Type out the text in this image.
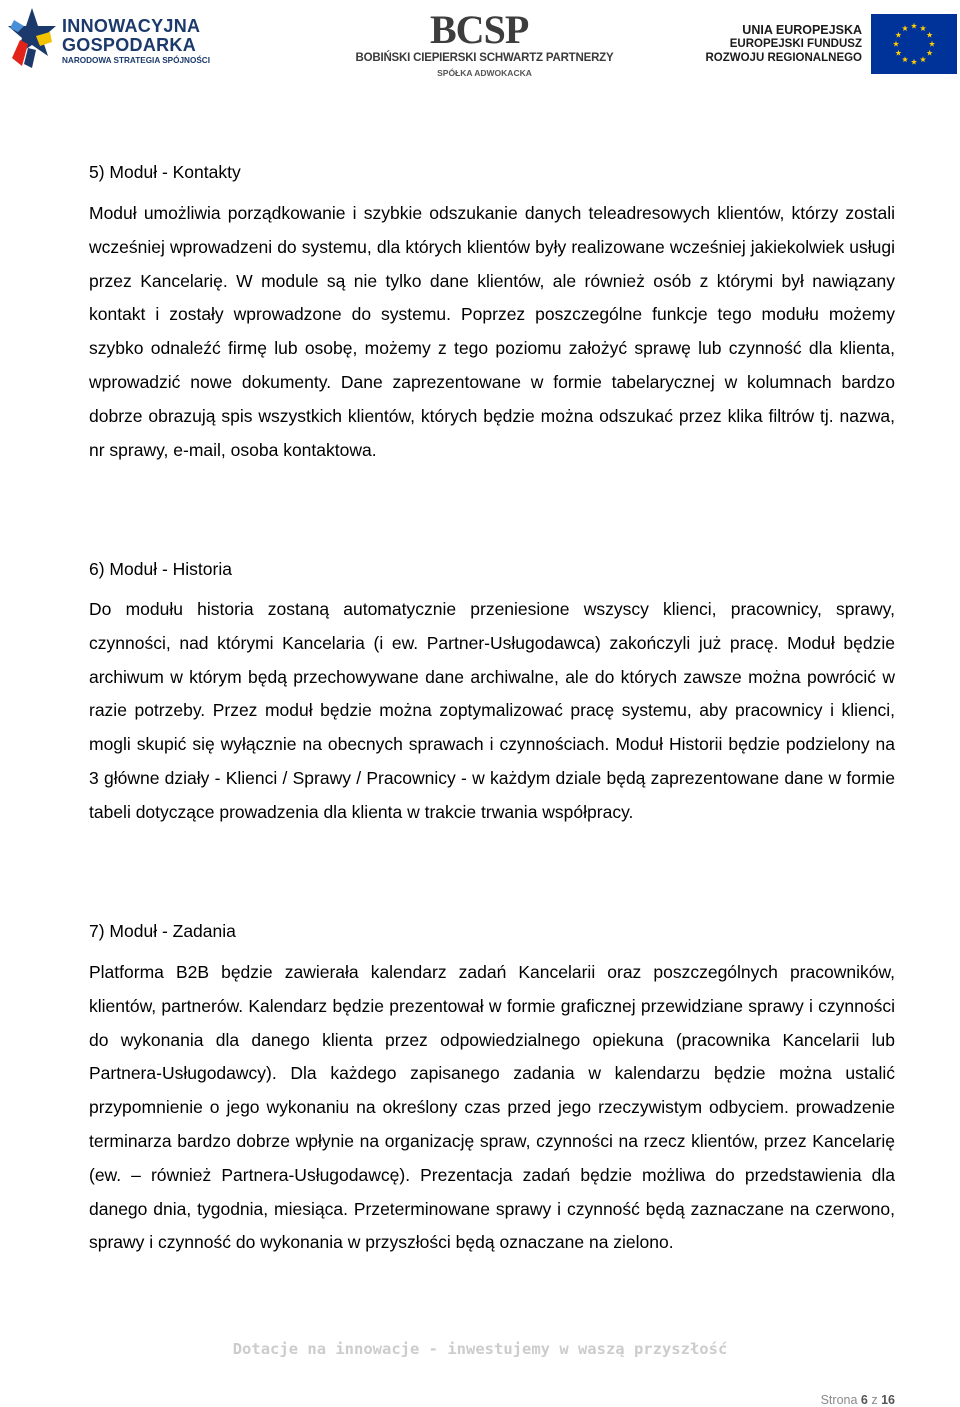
INNOWACYJNA
GOSPODARKA
NARODOWA STRATEGIA SPÓJNOŚCI
BCSP
BOBIŃSKI CIEPIERSKI SCHWARTZ PARTNERZY
SPÓŁKA ADWOKACKA
UNIA EUROPEJSKA
EUROPEJSKI FUNDUSZ
ROZWOJU REGIONALNEGO
5) Moduł - Kontakty

Moduł umożliwia porządkowanie i szybkie odszukanie danych teleadresowych klientów, którzy zostali wcześniej wprowadzeni do systemu, dla których klientów były realizowane wcześniej jakiekolwiek usługi przez Kancelarię. W module są nie tylko dane klientów, ale również osób z którymi był nawiązany kontakt i zostały wprowadzone do systemu. Poprzez poszczególne funkcje tego modułu możemy szybko odnaleźć firmę lub osobę, możemy z tego poziomu założyć sprawę lub czynność dla klienta, wprowadzić nowe dokumenty. Dane zaprezentowane w formie tabelarycznej w kolumnach bardzo dobrze obrazują spis wszystkich klientów, których będzie można odszukać przez klika filtrów tj. nazwa, nr sprawy, e-mail, osoba kontaktowa.

6) Moduł - Historia

Do modułu historia zostaną automatycznie przeniesione wszyscy klienci, pracownicy, sprawy, czynności, nad którymi Kancelaria (i ew. Partner-Usługodawca) zakończyli już pracę. Moduł będzie archiwum w którym będą przechowywane dane archiwalne, ale do których zawsze można powrócić w razie potrzeby. Przez moduł będzie można zoptymalizować pracę systemu, aby pracownicy i klienci, mogli skupić się wyłącznie na obecnych sprawach i czynnościach. Moduł Historii będzie podzielony na 3 główne działy - Klienci / Sprawy / Pracownicy - w każdym dziale będą zaprezentowane dane w formie tabeli dotyczące prowadzenia dla klienta w trakcie trwania współpracy.

7) Moduł - Zadania

Platforma B2B będzie zawierała kalendarz zadań Kancelarii oraz poszczególnych pracowników, klientów, partnerów. Kalendarz będzie prezentował w formie graficznej przewidziane sprawy i czynności do wykonania dla danego klienta przez odpowiedzialnego opiekuna (pracownika Kancelarii lub Partnera-Usługodawcy). Dla każdego zapisanego zadania w kalendarzu będzie można ustalić przypomnienie o jego wykonaniu na określony czas przed jego rzeczywistym odbyciem. prowadzenie terminarza bardzo dobrze wpłynie na organizację spraw, czynności na rzecz klientów, przez Kancelarię (ew. – również Partnera-Usługodawcę). Prezentacja zadań będzie możliwa do przedstawienia dla danego dnia, tygodnia, miesiąca. Przeterminowane sprawy i czynność będą zaznaczane na czerwono, sprawy i czynność do wykonania w przyszłości będą oznaczane na zielono.

Dotacje na innowacje - inwestujemy w waszą przyszłość
Strona 6 z 16
